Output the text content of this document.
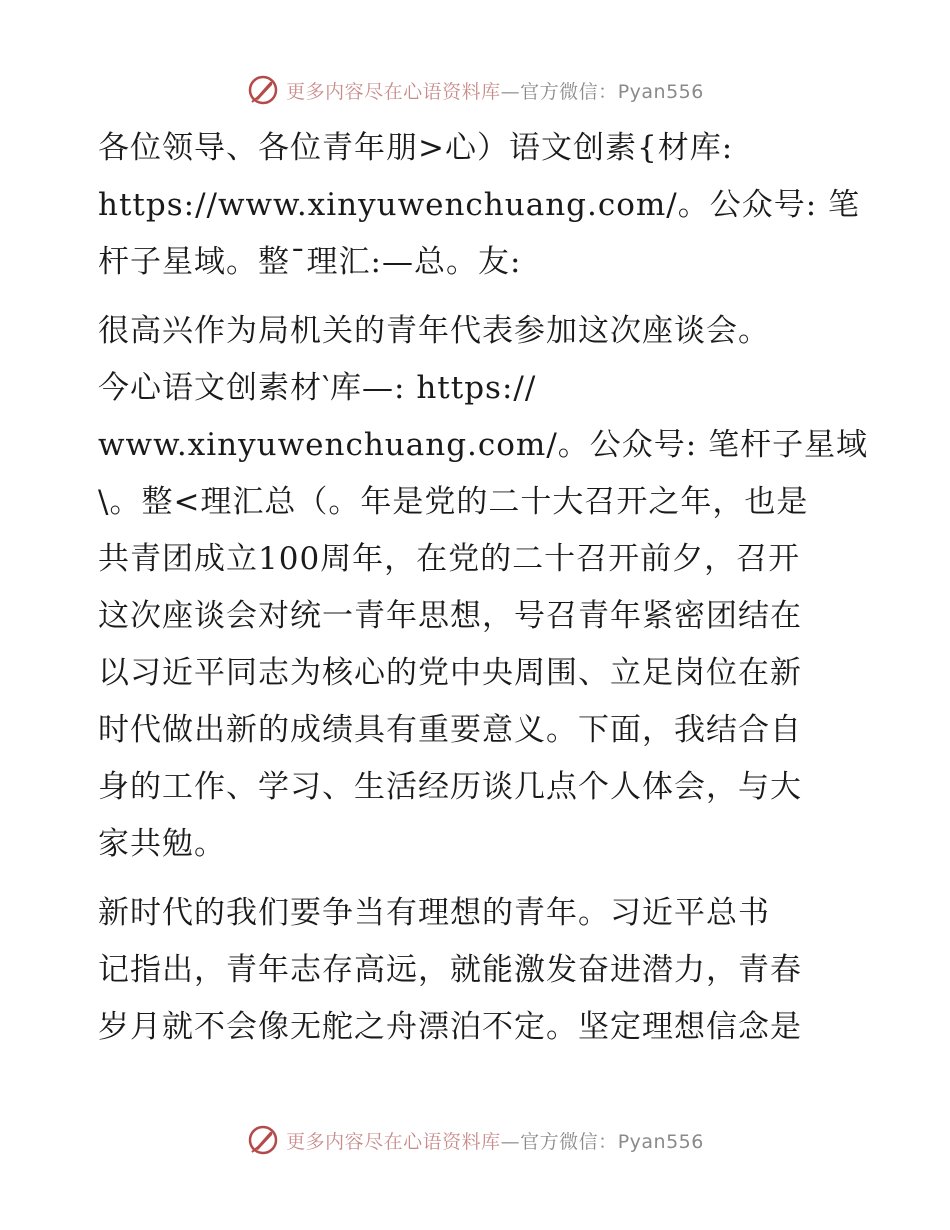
更多内容尽在心语资料库—官方微信：Pyan556

各位领导、各位青年朋>心）语文创素{材库:
https://www.xinyuwenchuang.com/。公众号: 笔
杆子星域。整¯理汇:—总。友:

很高兴作为局机关的青年代表参加这次座谈会。
今心语文创素材‵库—: https://
www.xinyuwenchuang.com/。公众号: 笔杆子星域
\。整<理汇总（。年是党的二十大召开之年，也是
共青团成立100周年，在党的二十召开前夕，召开
这次座谈会对统一青年思想，号召青年紧密团结在
以习近平同志为核心的党中央周围、立足岗位在新
时代做出新的成绩具有重要意义。下面，我结合自
身的工作、学习、生活经历谈几点个人体会，与大
家共勉。

新时代的我们要争当有理想的青年。习近平总书
记指出，青年志存高远，就能激发奋进潜力，青春
岁月就不会像无舵之舟漂泊不定。坚定理想信念是

更多内容尽在心语资料库—官方微信：Pyan556
